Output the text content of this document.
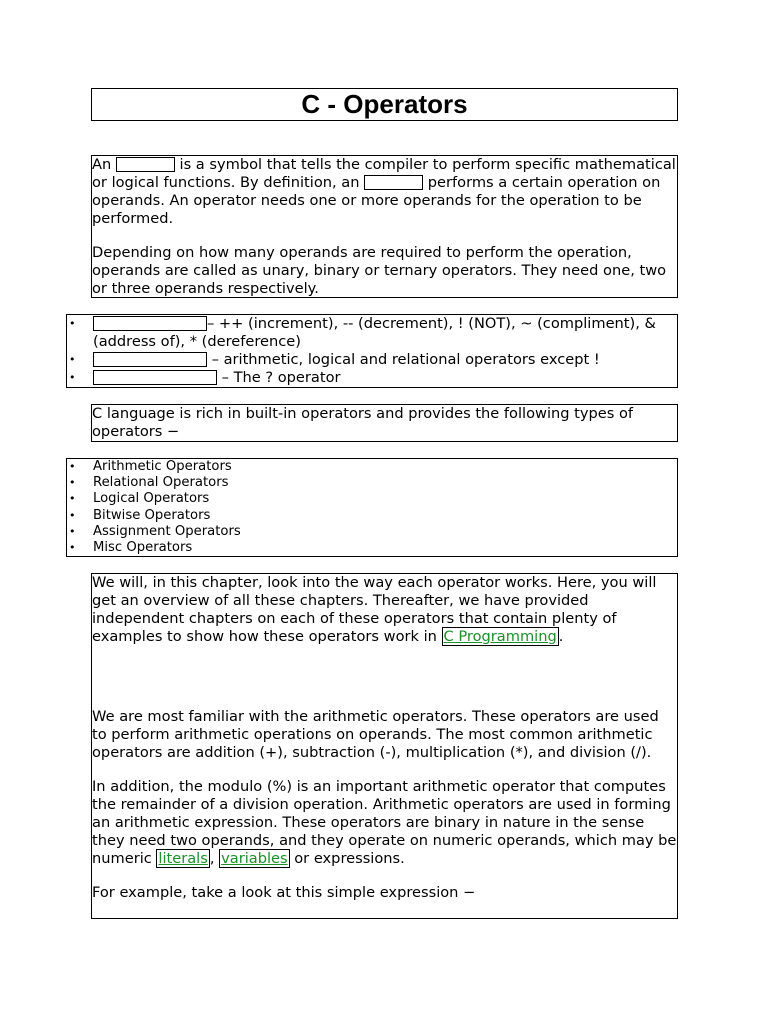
C - Operators

An	is a symbol that tells the compiler to perform specific mathematical or logical functions. By definition, an	performs a certain operation on operands. An operator needs one or more operands for the operation to be performed.

Depending on how many operands are required to perform the operation, operands are called as unary, binary or ternary operators. They need one, two or three operands respectively.

• – ++ (increment), -- (decrement), ! (NOT), ~ (compliment), & (address of), * (dereference)
• – arithmetic, logical and relational operators except !
• – The ? operator

C language is rich in built-in operators and provides the following types of operators −

• Arithmetic Operators
• Relational Operators
• Logical Operators
• Bitwise Operators
• Assignment Operators
• Misc Operators

We will, in this chapter, look into the way each operator works. Here, you will get an overview of all these chapters. Thereafter, we have provided independent chapters on each of these operators that contain plenty of examples to show how these operators work in C Programming .

We are most familiar with the arithmetic operators. These operators are used to perform arithmetic operations on operands. The most common arithmetic operators are addition (+), subtraction (-), multiplication (*), and division (/).

In addition, the modulo (%) is an important arithmetic operator that computes the remainder of a division operation. Arithmetic operators are used in forming an arithmetic expression. These operators are binary in nature in the sense they need two operands, and they operate on numeric operands, which may be numeric literals , variables or expressions.

For example, take a look at this simple expression −
